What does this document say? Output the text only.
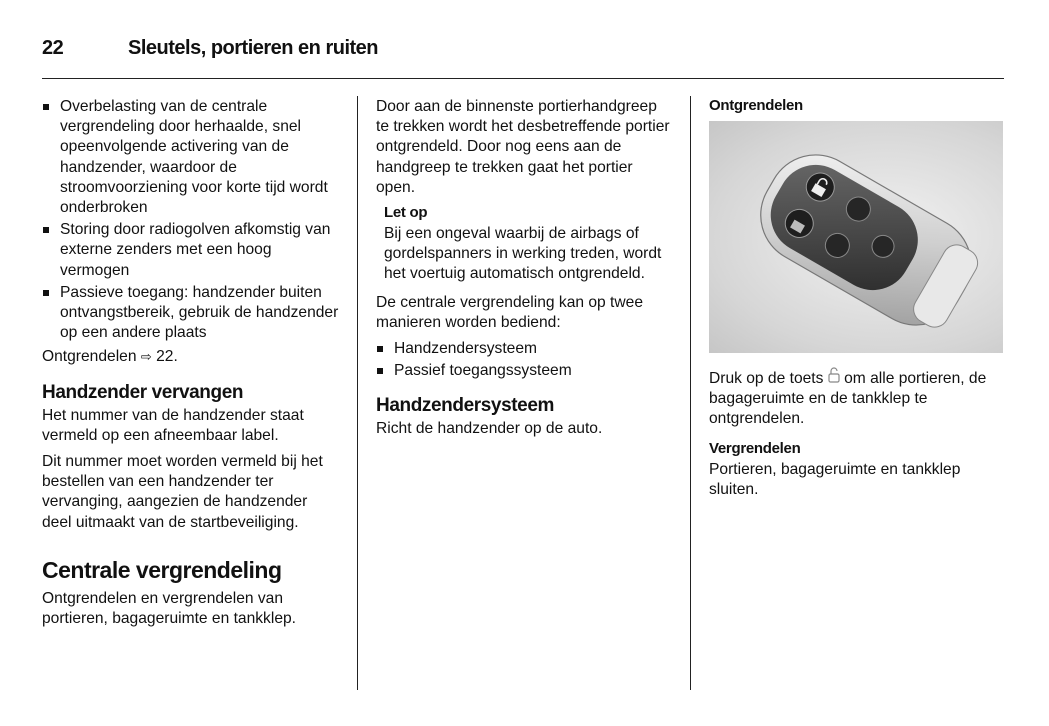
22	Sleutels, portieren en ruiten
Overbelasting van de centrale vergrendeling door herhaalde, snel opeenvolgende activering van de handzender, waardoor de stroomvoorziening voor korte tijd wordt onderbroken
Storing door radiogolven afkomstig van externe zenders met een hoog vermogen
Passieve toegang: handzender buiten ontvangstbereik, gebruik de handzender op een andere plaats

Ontgrendelen ⇨ 22.

Handzender vervangen

Het nummer van de handzender staat vermeld op een afneembaar label.

Dit nummer moet worden vermeld bij het bestellen van een handzender ter vervanging, aangezien de handzender deel uitmaakt van de startbeveiliging.

Centrale vergrendeling

Ontgrendelen en vergrendelen van portieren, bagageruimte en tankklep.

Door aan de binnenste portierhandgreep te trekken wordt het desbetreffende portier ontgrendeld. Door nog eens aan de handgreep te trekken gaat het portier open.

Let op
Bij een ongeval waarbij de airbags of gordelspanners in werking treden, wordt het voertuig automatisch ontgrendeld.

De centrale vergrendeling kan op twee manieren worden bediend:

Handzendersysteem
Passief toegangssysteem
Handzendersysteem

Richt de handzender op de auto.

Ontgrendelen

Druk op de toets om alle portieren, de bagageruimte en de tankklep te ontgrendelen.

Vergrendelen

Portieren, bagageruimte en tankklep sluiten.
